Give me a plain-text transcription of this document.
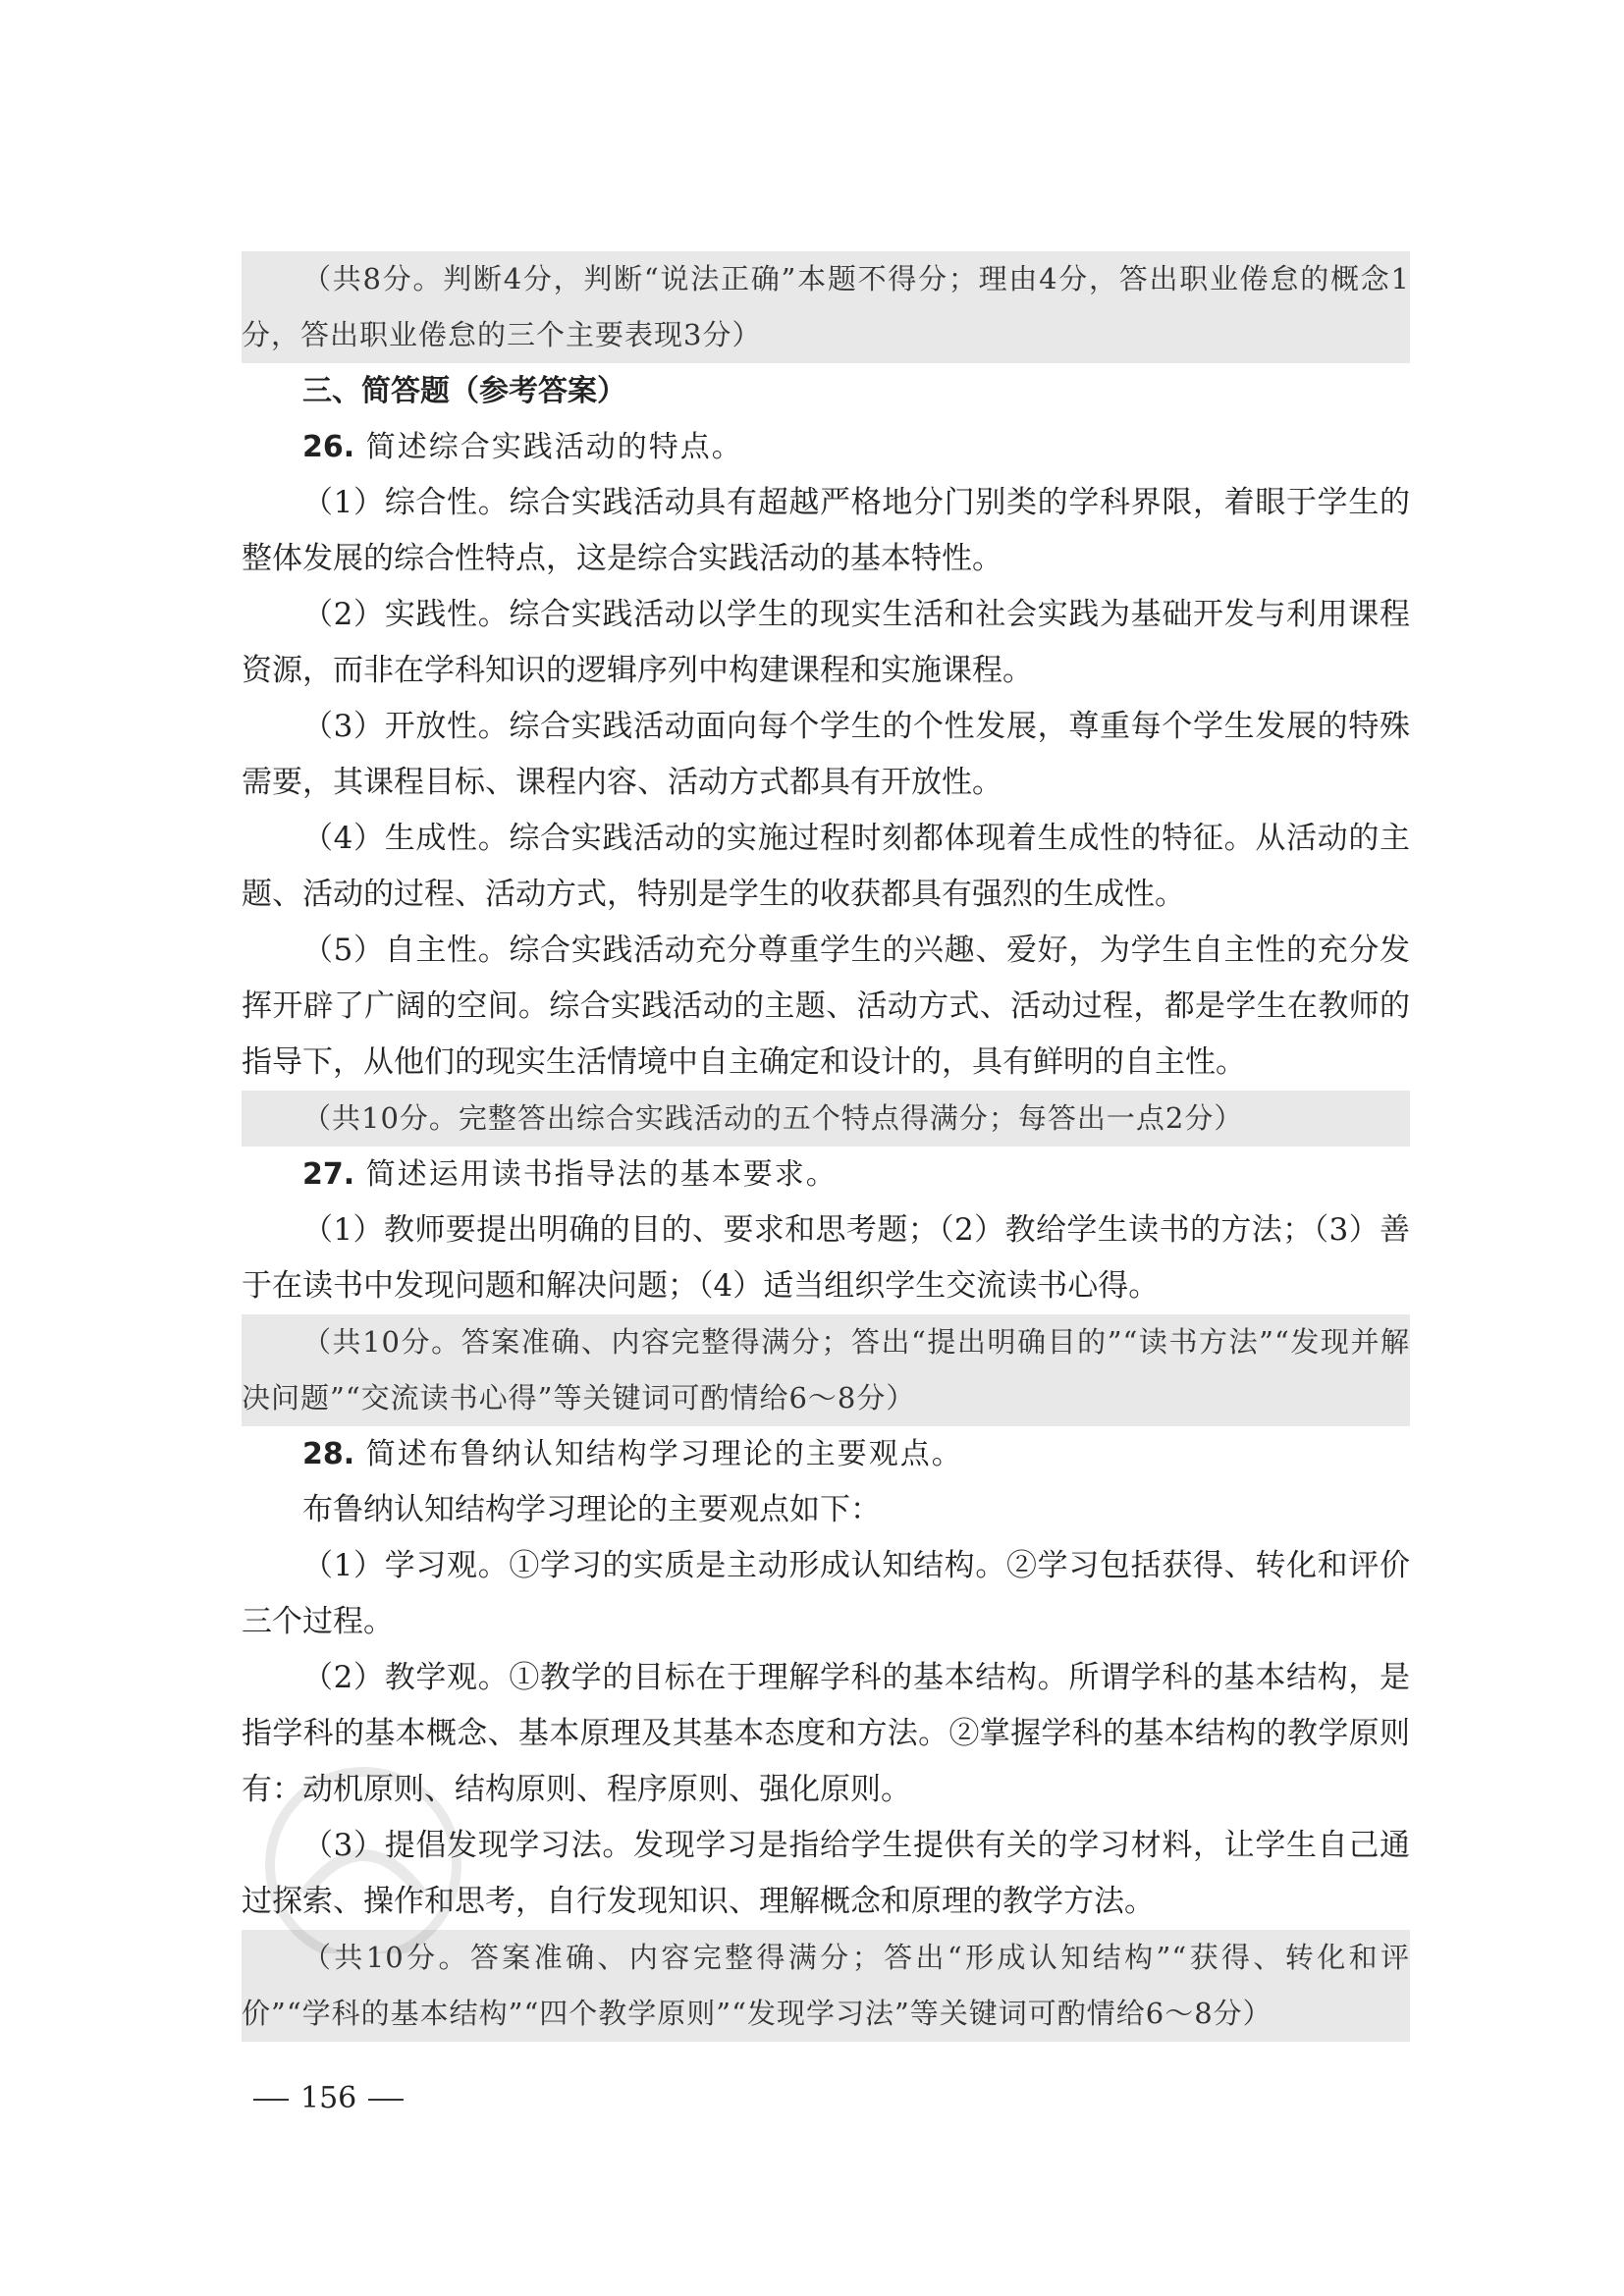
（共8分。判断4分，判断“说法正确”本题不得分；理由4分，答出职业倦怠的概念1分，答出职业倦怠的三个主要表现3分）
三、简答题（参考答案）
26. 简述综合实践活动的特点。
（1）综合性。综合实践活动具有超越严格地分门别类的学科界限，着眼于学生的整体发展的综合性特点，这是综合实践活动的基本特性。
（2）实践性。综合实践活动以学生的现实生活和社会实践为基础开发与利用课程资源，而非在学科知识的逻辑序列中构建课程和实施课程。
（3）开放性。综合实践活动面向每个学生的个性发展，尊重每个学生发展的特殊需要，其课程目标、课程内容、活动方式都具有开放性。
（4）生成性。综合实践活动的实施过程时刻都体现着生成性的特征。从活动的主题、活动的过程、活动方式，特别是学生的收获都具有强烈的生成性。
（5）自主性。综合实践活动充分尊重学生的兴趣、爱好，为学生自主性的充分发挥开辟了广阔的空间。综合实践活动的主题、活动方式、活动过程，都是学生在教师的指导下，从他们的现实生活情境中自主确定和设计的，具有鲜明的自主性。
（共10分。完整答出综合实践活动的五个特点得满分；每答出一点2分）
27. 简述运用读书指导法的基本要求。
（1）教师要提出明确的目的、要求和思考题；（2）教给学生读书的方法；（3）善于在读书中发现问题和解决问题；（4）适当组织学生交流读书心得。
（共10分。答案准确、内容完整得满分；答出“提出明确目的”“读书方法”“发现并解决问题”“交流读书心得”等关键词可酌情给6～8分）
28. 简述布鲁纳认知结构学习理论的主要观点。
布鲁纳认知结构学习理论的主要观点如下：
（1）学习观。①学习的实质是主动形成认知结构。②学习包括获得、转化和评价三个过程。
（2）教学观。①教学的目标在于理解学科的基本结构。所谓学科的基本结构，是指学科的基本概念、基本原理及其基本态度和方法。②掌握学科的基本结构的教学原则有：动机原则、结构原则、程序原则、强化原则。
（3）提倡发现学习法。发现学习是指给学生提供有关的学习材料，让学生自己通过探索、操作和思考，自行发现知识、理解概念和原理的教学方法。
（共10分。答案准确、内容完整得满分；答出“形成认知结构”“获得、转化和评价”“学科的基本结构”“四个教学原则”“发现学习法”等关键词可酌情给6～8分）
156
